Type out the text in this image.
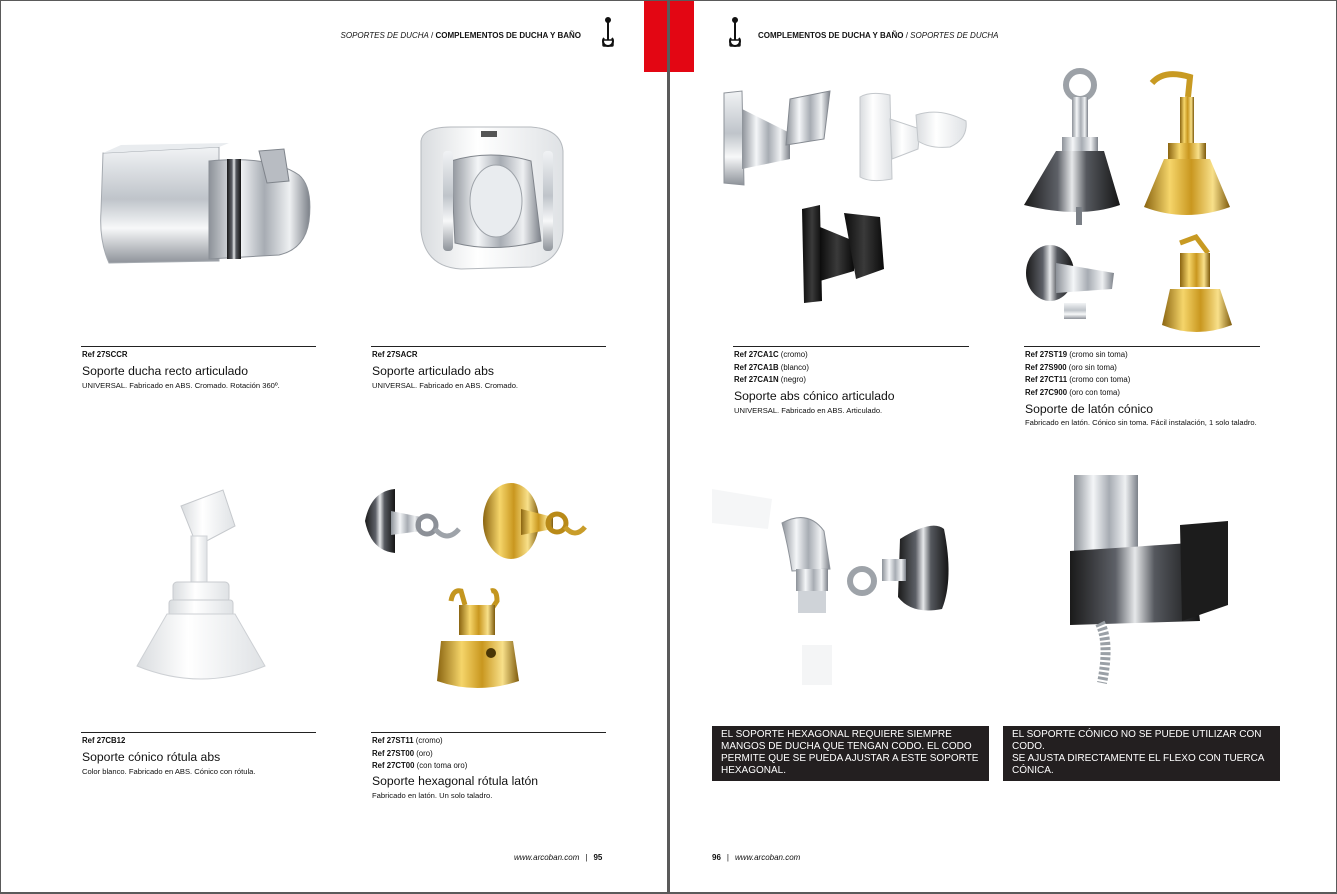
SOPORTES DE DUCHA / COMPLEMENTOS DE DUCHA Y BAÑO
Ref 27SCCR
Soporte ducha recto articulado
UNIVERSAL. Fabricado en ABS. Cromado. Rotación 360º.
Ref 27SACR
Soporte articulado abs
UNIVERSAL. Fabricado en ABS. Cromado.
Ref 27CB12
Soporte cónico rótula abs
Color blanco. Fabricado en ABS. Cónico con rótula.
Ref 27ST11 (cromo)
Ref 27ST00 (oro)
Ref 27CT00 (con toma oro)
Soporte hexagonal rótula latón
Fabricado en latón. Un solo taladro.
www.arcoban.com | 95
COMPLEMENTOS DE DUCHA Y BAÑO / SOPORTES DE DUCHA
Ref 27CA1C (cromo)
Ref 27CA1B (blanco)
Ref 27CA1N (negro)
Soporte abs cónico articulado
UNIVERSAL. Fabricado en ABS. Articulado.
Ref 27ST19 (cromo sin toma)
Ref 27S900 (oro sin toma)
Ref 27CT11 (cromo con toma)
Ref 27C900 (oro con toma)
Soporte de latón cónico
Fabricado en latón. Cónico sin toma. Fácil instalación, 1 solo taladro.
EL SOPORTE HEXAGONAL REQUIERE SIEMPRE MANGOS DE DUCHA QUE TENGAN CODO. EL CODO PERMITE QUE SE PUEDA AJUSTAR A ESTE SOPORTE HEXAGONAL.
EL SOPORTE CÓNICO NO SE PUEDE UTILIZAR CON CODO.
SE AJUSTA DIRECTAMENTE EL FLEXO CON TUERCA CÓNICA.
96 | www.arcoban.com
